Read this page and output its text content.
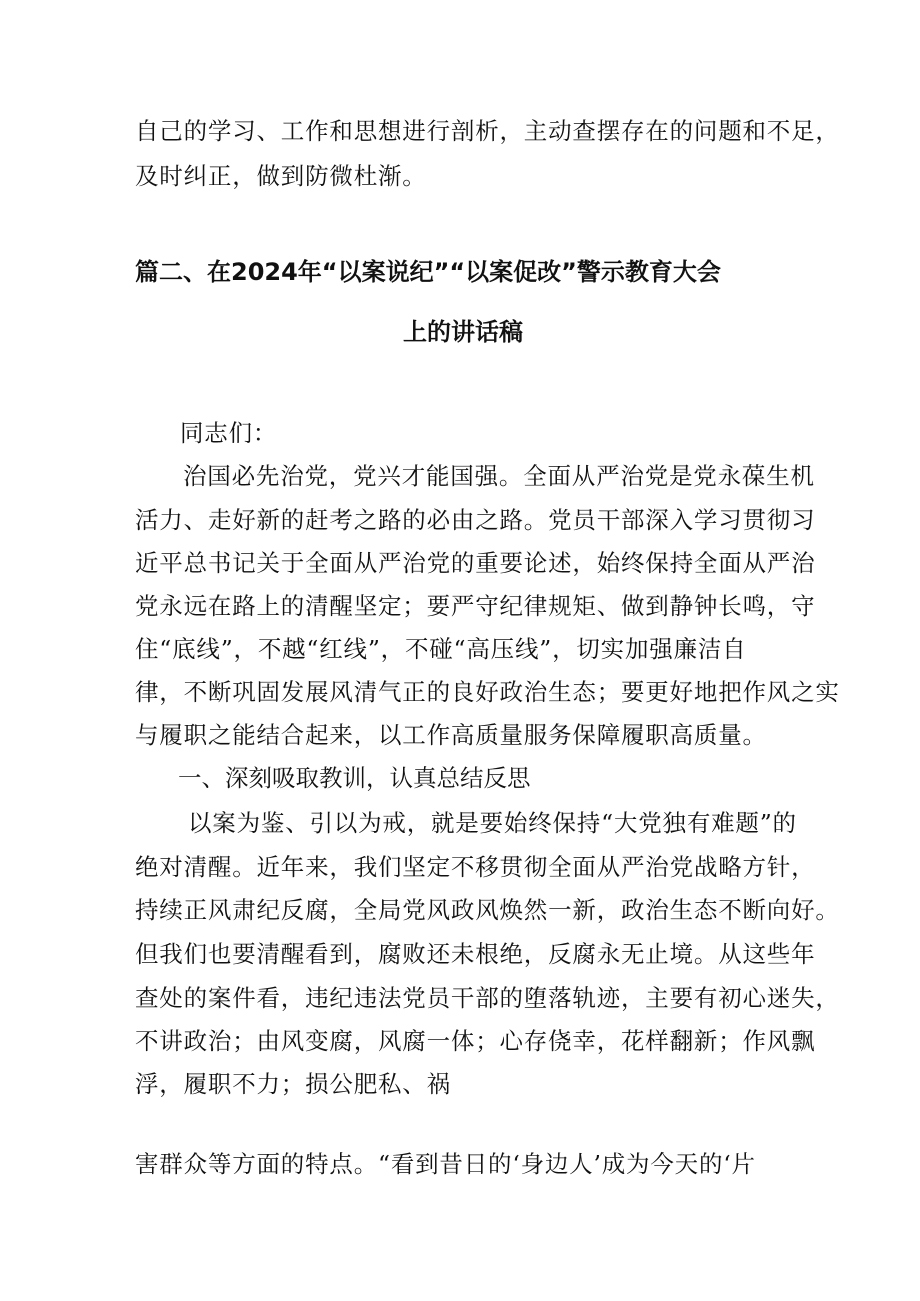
自己的学习、工作和思想进行剖析，主动查摆存在的问题和不足，
及时纠正，做到防微杜渐。
篇二、在2024年“以案说纪”“以案促改”警示教育大会
上的讲话稿
同志们：
治国必先治党，党兴才能国强。全面从严治党是党永葆生机
活力、走好新的赶考之路的必由之路。党员干部深入学习贯彻习
近平总书记关于全面从严治党的重要论述，始终保持全面从严治
党永远在路上的清醒坚定；要严守纪律规矩、做到静钟长鸣，守
住“底线”，不越“红线”，不碰“高压线”，切实加强廉洁自
律，不断巩固发展风清气正的良好政治生态；要更好地把作风之实
与履职之能结合起来，以工作高质量服务保障履职高质量。
一、深刻吸取教训，认真总结反思
以案为鉴、引以为戒，就是要始终保持“大党独有难题”的
绝对清醒。近年来，我们坚定不移贯彻全面从严治党战略方针，
持续正风肃纪反腐，全局党风政风焕然一新，政治生态不断向好。
但我们也要清醒看到，腐败还未根绝，反腐永无止境。从这些年
查处的案件看，违纪违法党员干部的堕落轨迹，主要有初心迷失，
不讲政治；由风变腐，风腐一体；心存侥幸，花样翻新；作风飘
浮，履职不力；损公肥私、祸
害群众等方面的特点。“看到昔日的‘身边人’成为今天的‘片
